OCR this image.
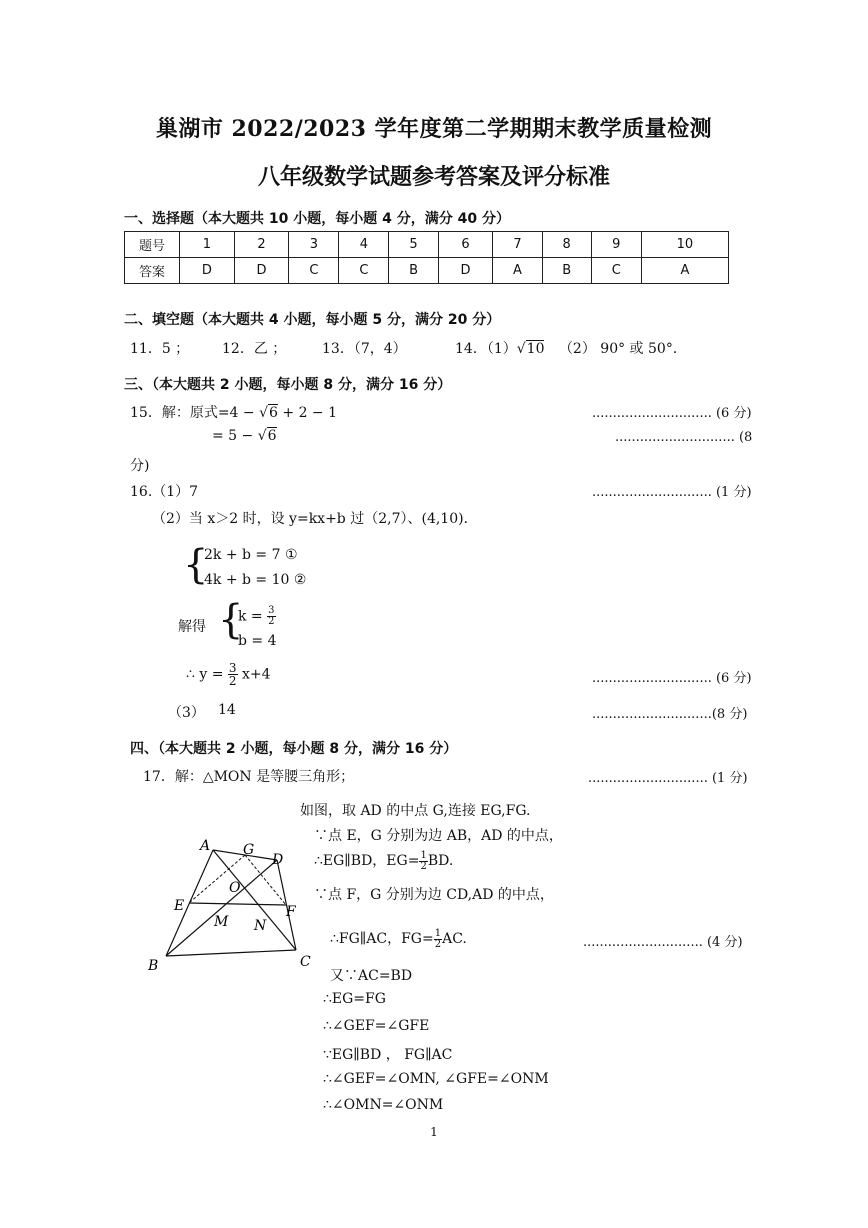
巢湖市 2022/2023 学年度第二学期期末教学质量检测
八年级数学试题参考答案及评分标准
一、选择题（本大题共 10 小题，每小题 4 分，满分 40 分）
题号	1	2	3	4	5	6	7	8	9	10
答案	D	D	C	C	B	D	A	B	C	A
二、填空题（本大题共 4 小题，每小题 5 分，满分 20 分）
11．5 ； 12．乙 ；	13．（7，4）	14．（1）√10 （2） 90° 或 50°．
三、（本大题共 2 小题，每小题 8 分，满分 16 分）
15．解：原式=4 − √6 + 2 − 1	............................. (6 分)
= 5 − √6	............................. (8
分)
16.（1）7	............................. (1 分)
（2）当 x＞2 时，设 y=kx+b 过（2,7）、(4,10)．
{
2k + b = 7 ①
4k + b = 10 ②
解得 {
$k = \frac{3}{2}$
b = 4
∴ $y = \frac{3}{2} x+4$	............................. (6 分)
（3） 14	.............................(8 分)
四、（本大题共 2 小题，每小题 8 分，满分 16 分）
17．解：△MON 是等腰三角形；	............................. (1 分)
如图，取 AD 的中点 G,连接 EG,FG.
∵点 E，G 分别为边 AB，AD 的中点，
∴EG∥BD，$EG= \frac{1}{2}$ BD.
∵点 F，G 分别为边 CD,AD 的中点，
∴FG∥AC，$FG= \frac{1}{2}$ AC.	............................. (4 分)
又∵AC=BD
∴EG=FG
∴∠GEF=∠GFE
∵EG∥BD ， FG∥AC
∴∠GEF=∠OMN, ∠GFE=∠ONM
∴∠OMN=∠ONM
A G
D
O
E	F
M N
B	C
1
